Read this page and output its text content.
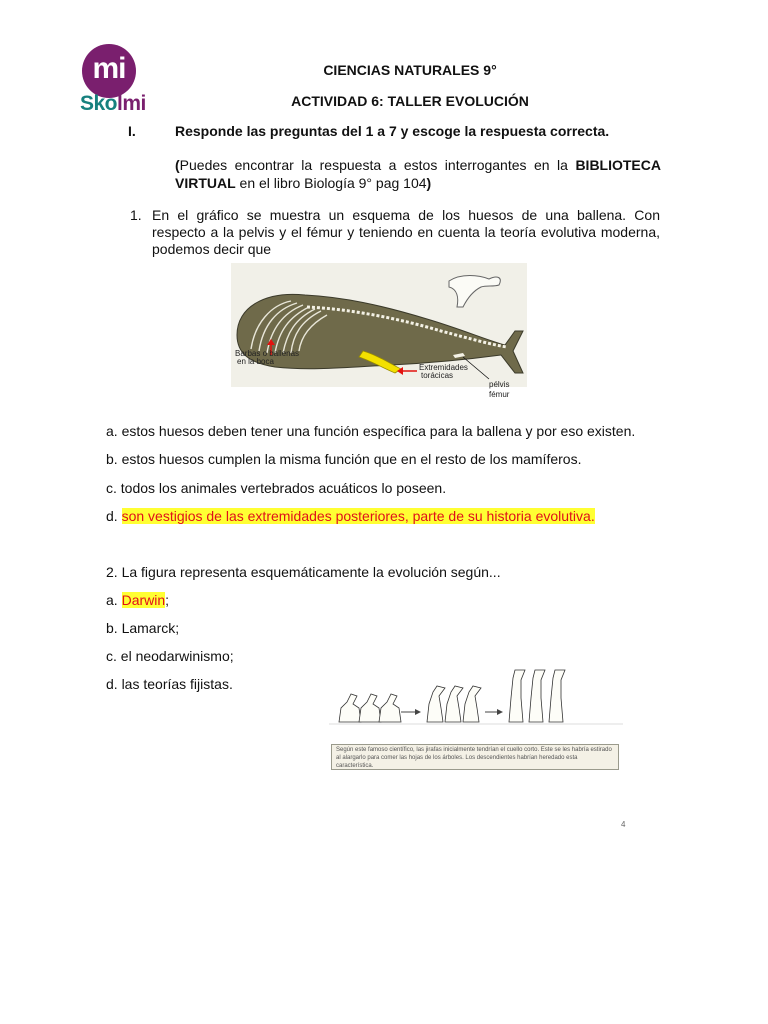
mi
Skolmi
CIENCIAS NATURALES 9°
ACTIVIDAD 6: TALLER EVOLUCIÓN
I.	Responde las preguntas del 1 a 7 y escoge la respuesta correcta.
(Puedes encontrar la respuesta a estos interrogantes en la BIBLIOTECA VIRTUAL en el libro Biología 9° pag 104)
1. En el gráfico se muestra un esquema de los huesos de una ballena. Con respecto a la pelvis y el fémur y teniendo en cuenta la teoría evolutiva moderna, podemos decir que
Barbas o ballenas
en la boca
Extremidades
torácicas
pélvis
fémur
a. estos huesos deben tener una función específica para la ballena y por eso existen.
b. estos huesos cumplen la misma función que en el resto de los mamíferos.
c. todos los animales vertebrados acuáticos lo poseen.
d. son vestigios de las extremidades posteriores, parte de su historia evolutiva.
2. La figura representa esquemáticamente la evolución según...
a. Darwin;
b. Lamarck;
c. el neodarwinismo;
d. las teorías fijistas.
Según este famoso científico, las jirafas inicialmente tendrían el cuello corto. Este se les habría estirado al alargarlo para comer las hojas de los árboles. Los descendientes habrían heredado esta característica.
4
